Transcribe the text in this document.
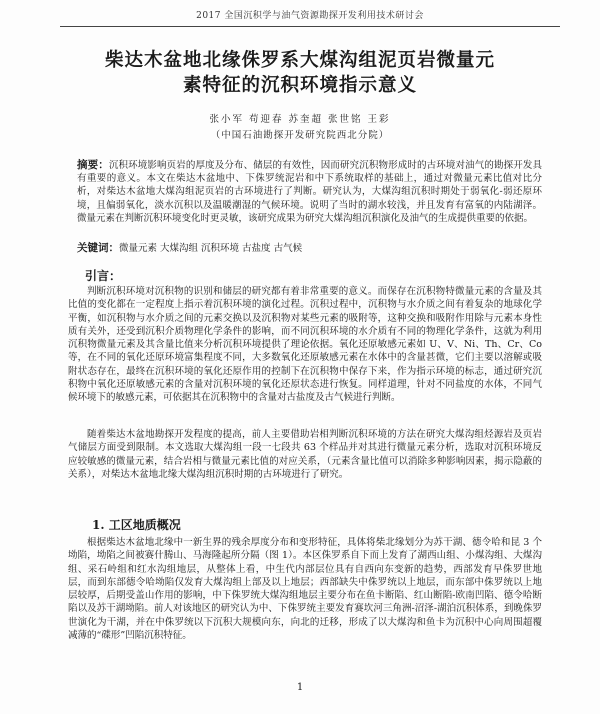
2017 全国沉积学与油气资源勘探开发利用技术研讨会
柴达木盆地北缘侏罗系大煤沟组泥页岩微量元
素特征的沉积环境指示意义
张小军 苟迎春 苏奎超 张世铭 王彩
（中国石油勘探开发研究院西北分院）
摘要：沉积环境影响页岩的厚度及分布、储层的有效性，因而研究沉积物形成时的古环境对油气的勘探开发具有重要的意义。本文在柴达木盆地中、下侏罗统泥岩和中下系统取样的基础上，通过对微量元素比值对比分析，对柴达木盆地大煤沟组泥页岩的古环境进行了判断。研究认为，大煤沟组沉积时期处于弱氧化-弱还原环境，且偏弱氧化，淡水沉积以及温暖潮湿的气候环境。说明了当时的湖水较浅，并且发育有富氧的内陆湖泽。微量元素在判断沉积环境变化时更灵敏，该研究成果为研究大煤沟组沉积演化及油气的生成提供重要的依据。
关键词：微量元素 大煤沟组 沉积环境 古盐度 古气候
引言：
判断沉积环境对沉积物的识别和储层的研究都有着非常重要的意义。而保存在沉积物特微量元素的含量及其比值的变化都在一定程度上指示着沉积环境的演化过程。沉积过程中，沉积物与水介质之间有着复杂的地球化学平衡，如沉积物与水介质之间的元素交换以及沉积物对某些元素的吸附等，这种交换和吸附作用除与元素本身性质有关外，还受到沉积介质物理化学条件的影响，而不同沉积环境的水介质有不同的物理化学条件，这就为利用沉积物微量元素及其含量比值来分析沉积环境提供了理论依据。氧化还原敏感元素如 U、V、Ni、Th、Cr、Co 等，在不同的氧化还原环境富集程度不同，大多数氧化还原敏感元素在水体中的含量甚微，它们主要以溶解或吸附状态存在，最终在沉积环境的氧化还原作用的控制下在沉积物中保存下来，作为指示环境的标志，通过研究沉积物中氧化还原敏感元素的含量对沉积环境的氧化还原状态进行恢复。同样道理，针对不同盐度的水体，不同气候环境下的敏感元素，可依据其在沉积物中的含量对古盐度及古气候进行判断。
随着柴达木盆地勘探开发程度的提高，前人主要借助岩相判断沉积环境的方法在研究大煤沟组烃源岩及页岩气储层方面受到限制。本文选取大煤沟组一段一七段共 63 个样品并对其进行微量元素分析，选取对沉积环境反应较敏感的微量元素，结合岩相与微量元素比值的对应关系，（元素含量比值可以消除多种影响因素，揭示隐蔽的关系），对柴达木盆地北缘大煤沟组沉积时期的古环境进行了研究。
1. 工区地质概况
根据柴达木盆地北缘中一新生界的残余厚度分布和变形特征，具体将柴北缘划分为苏干湖、德令哈和昆 3 个坳陷，坳陷之间被赛什腾山、马海隆起所分隔（图 1）。本区侏罗系自下而上发育了湖西山组、小煤沟组、大煤沟组、采石岭组和红水沟组地层，从整体上看，中生代内部层位具有自西向东变新的趋势，西部发育早侏罗世地层，而到东部德令哈坳陷仅发育大煤沟组上部及以上地层；西部缺失中侏罗统以上地层，而东部中侏罗统以上地层较厚，后期受盖山作用的影响，中下侏罗统大煤沟组地层主要分布在鱼卡断陷、红山断陷-欧南凹陷、德令哈断陷以及苏干湖坳陷。前人对该地区的研究认为中、下侏罗统主要发育赛坎河三角洲-沼泽-湖泊沉积体系，到晚侏罗世演化为干湖，并在中侏罗统以下沉积大规模向东，向北的迁移，形成了以大煤沟和鱼卡为沉积中心向周围超覆减薄的“碟形”凹陷沉积特征。
1
